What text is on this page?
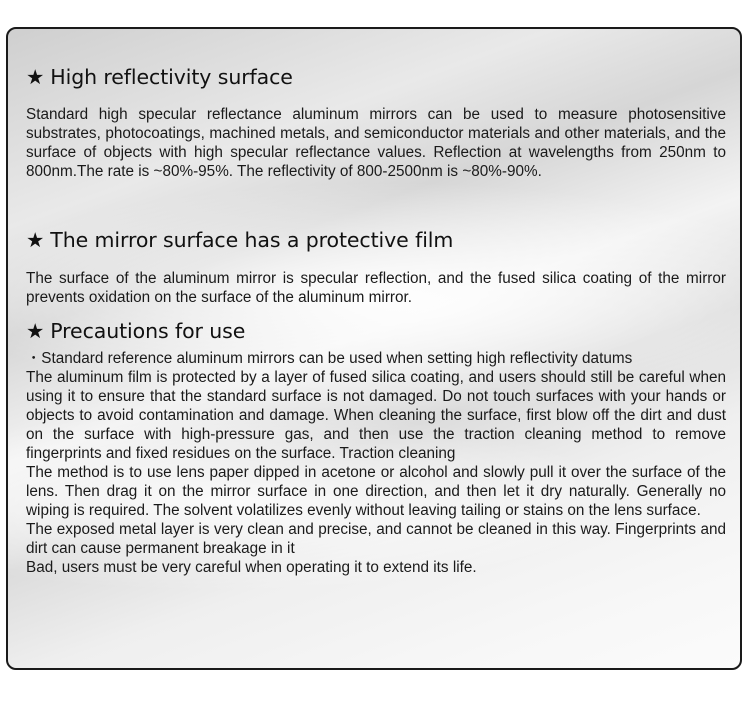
★ High reflectivity surface

Standard high specular reflectance aluminum mirrors can be used to measure photosensitive substrates, photocoatings, machined metals, and semiconductor materials and other materials, and the surface of objects with high specular reflectance values. Reflection at wavelengths from 250nm to 800nm.The rate is ~80%-95%. The reflectivity of 800-2500nm is ~80%-90%.

★ The mirror surface has a protective film

The surface of the aluminum mirror is specular reflection, and the fused silica coating of the mirror prevents oxidation on the surface of the aluminum mirror.

★ Precautions for use

・Standard reference aluminum mirrors can be used when setting high reflectivity datums

The aluminum film is protected by a layer of fused silica coating, and users should still be careful when using it to ensure that the standard surface is not damaged. Do not touch surfaces with your hands or objects to avoid contamination and damage. When cleaning the surface, first blow off the dirt and dust on the surface with high-pressure gas, and then use the traction cleaning method to remove fingerprints and fixed residues on the surface. Traction cleaning

The method is to use lens paper dipped in acetone or alcohol and slowly pull it over the surface of the lens. Then drag it on the mirror surface in one direction, and then let it dry naturally. Generally no wiping is required. The solvent volatilizes evenly without leaving tailing or stains on the lens surface.

The exposed metal layer is very clean and precise, and cannot be cleaned in this way. Fingerprints and dirt can cause permanent breakage in it

Bad, users must be very careful when operating it to extend its life.
